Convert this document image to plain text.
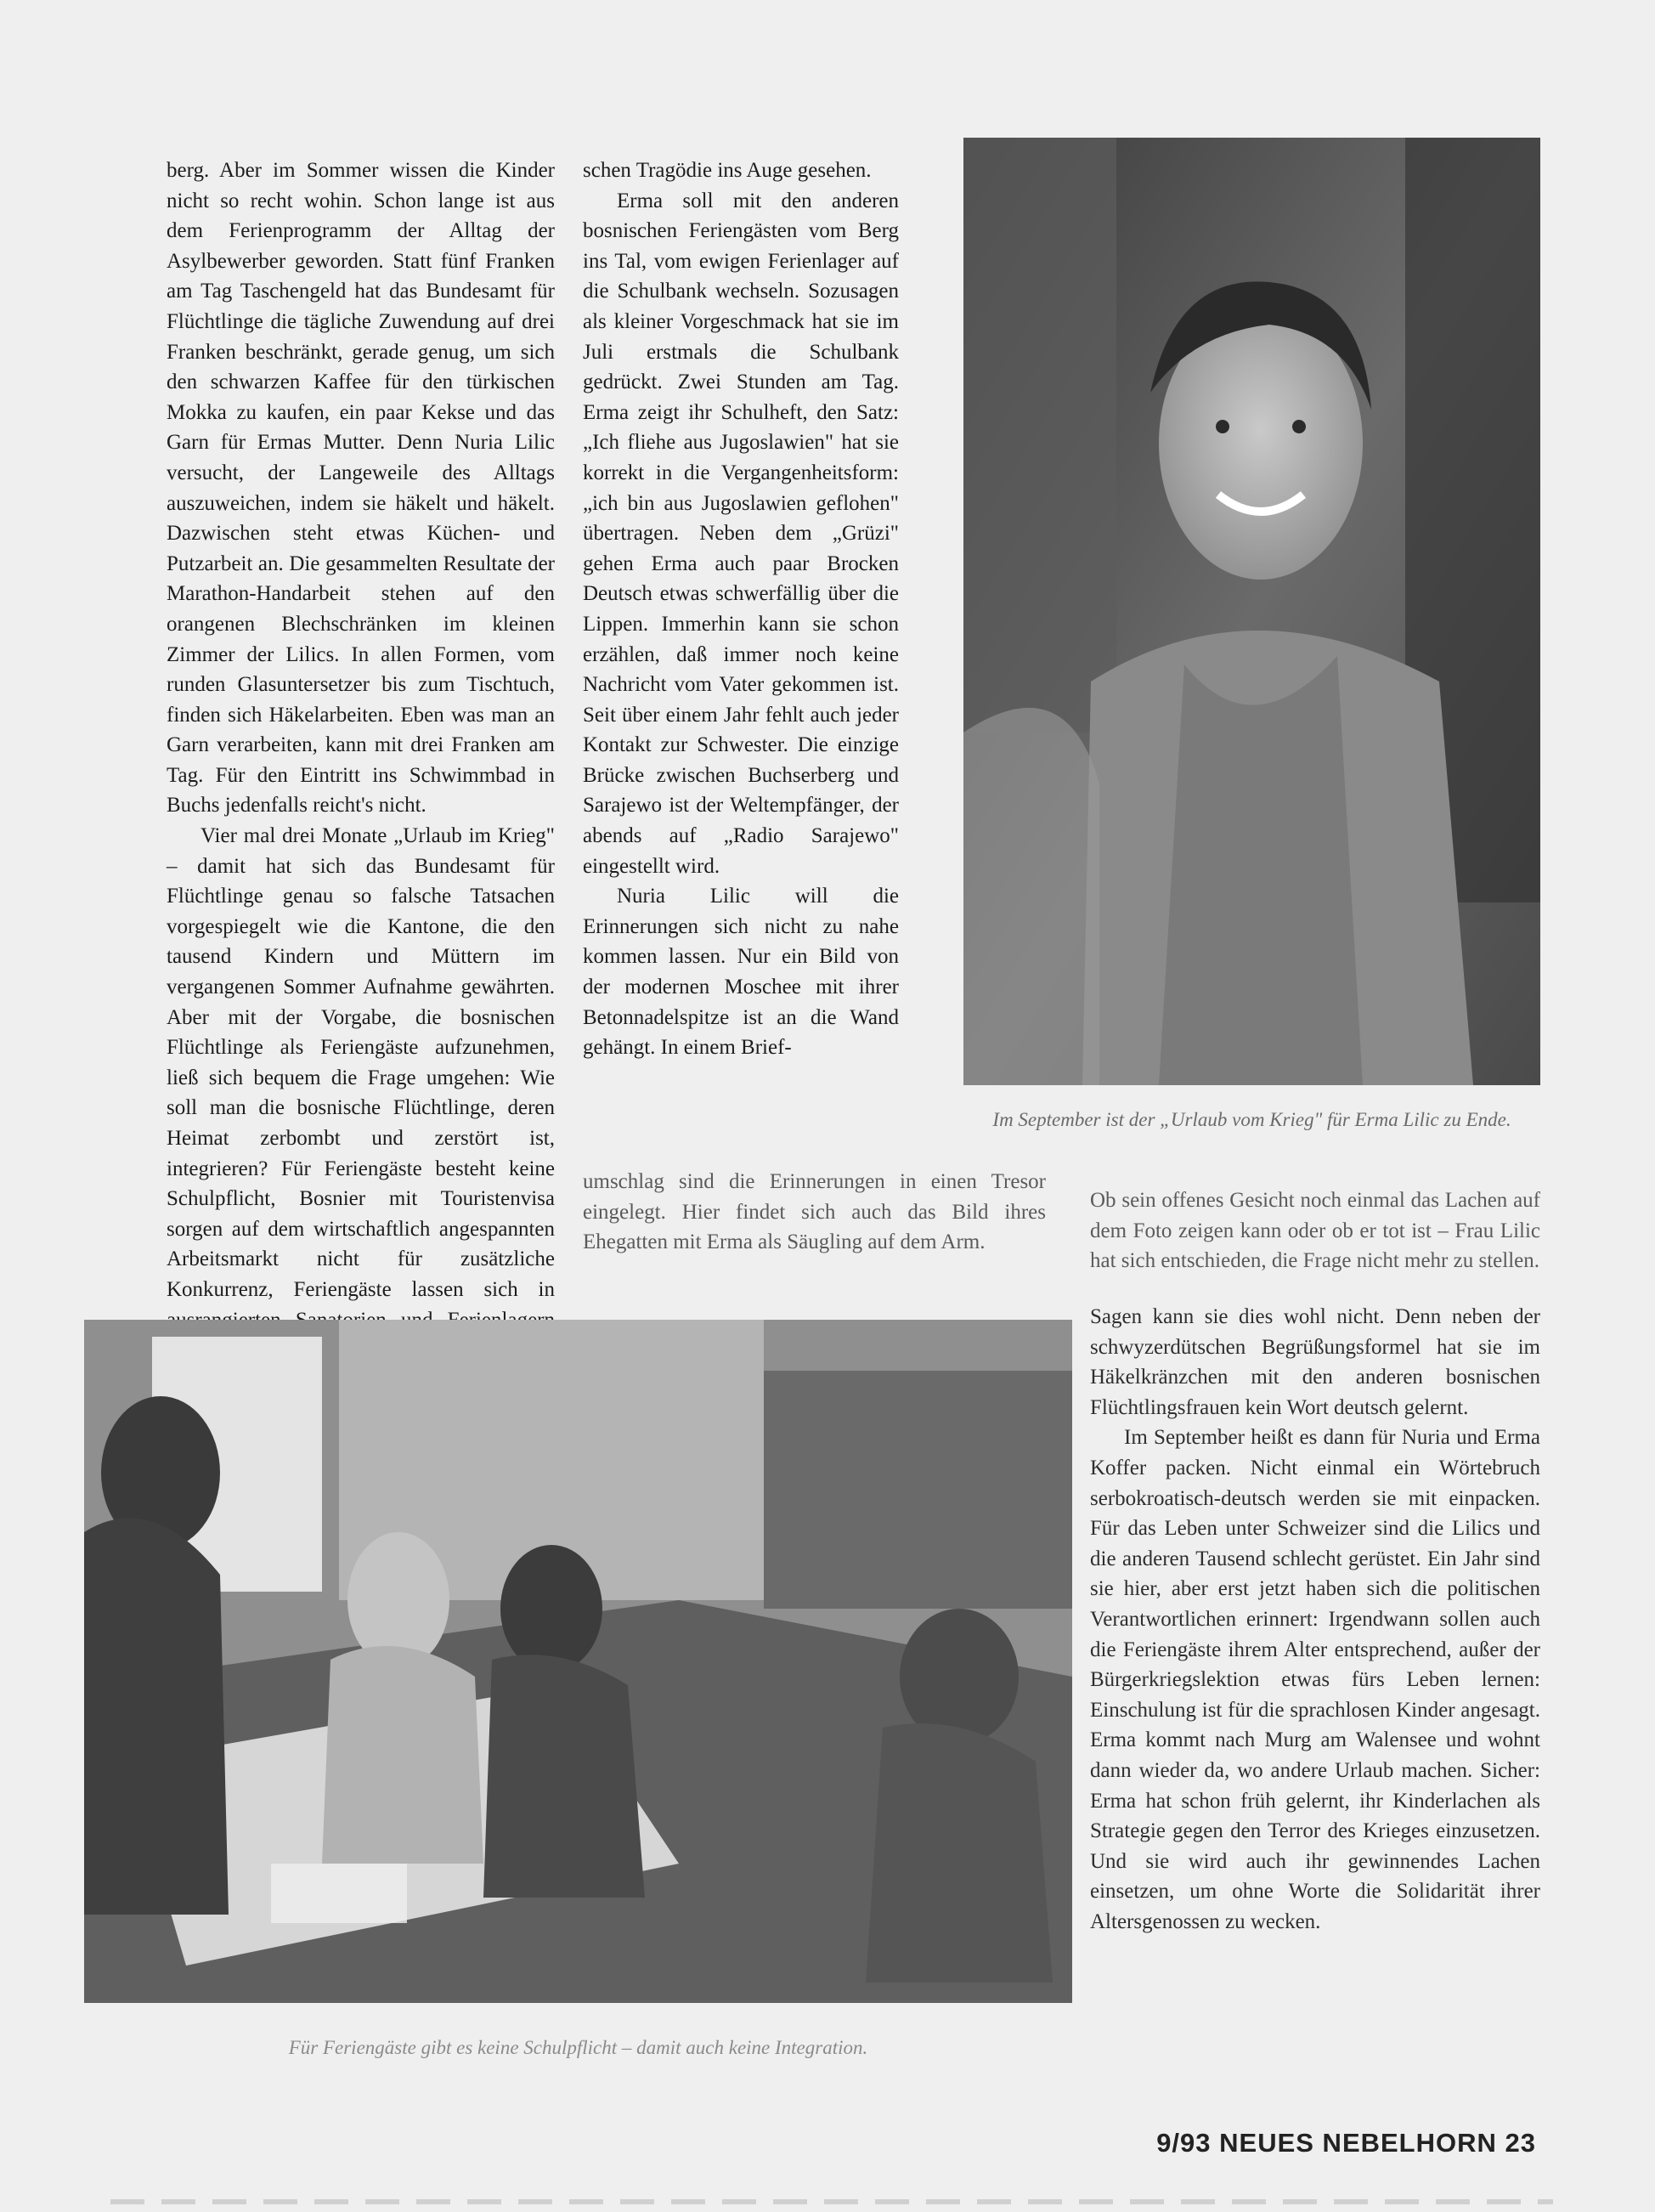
berg. Aber im Sommer wissen die Kinder nicht so recht wohin. Schon lange ist aus dem Ferienprogramm der Alltag der Asylbewerber geworden. Statt fünf Franken am Tag Taschengeld hat das Bundesamt für Flüchtlinge die tägliche Zuwendung auf drei Franken beschränkt, gerade genug, um sich den schwarzen Kaffee für den türkischen Mokka zu kaufen, ein paar Kekse und das Garn für Ermas Mutter. Denn Nuria Lilic versucht, der Langeweile des Alltags auszuweichen, indem sie häkelt und häkelt. Dazwischen steht etwas Küchen- und Putzarbeit an. Die gesammelten Resultate der Marathon-Handarbeit stehen auf den orangenen Blechschränken im kleinen Zimmer der Lilics. In allen Formen, vom runden Glasuntersetzer bis zum Tischtuch, finden sich Häkelarbeiten. Eben was man an Garn verarbeiten, kann mit drei Franken am Tag. Für den Eintritt ins Schwimmbad in Buchs jedenfalls reicht's nicht.

Vier mal drei Monate „Urlaub im Krieg" – damit hat sich das Bundesamt für Flüchtlinge genau so falsche Tatsachen vorgespiegelt wie die Kantone, die den tausend Kindern und Müttern im vergangenen Sommer Aufnahme gewährten. Aber mit der Vorgabe, die bosnischen Flüchtlinge als Feriengäste aufzunehmen, ließ sich bequem die Frage umgehen: Wie soll man die bosnische Flüchtlinge, deren Heimat zerbombt und zerstört ist, integrieren? Für Feriengäste besteht keine Schulpflicht, Bosnier mit Touristenvisa sorgen auf dem wirtschaftlich angespannten Arbeitsmarkt nicht für zusätzliche Konkurrenz, Feriengäste lassen sich in

schen Tragödie ins Auge gesehen.

Erma soll mit den anderen bosnischen Feriengästen vom Berg ins Tal, vom ewigen Ferienlager auf die Schulbank wechseln. Sozusagen als kleiner Vorgeschmack hat sie im Juli erstmals die Schulbank gedrückt. Zwei Stunden am Tag. Erma zeigt ihr Schulheft, den Satz: „Ich fliehe aus Jugoslawien" hat sie korrekt in die Vergangenheitsform: „ich bin aus Jugoslawien geflohen" übertragen. Neben dem „Grüzi" gehen Erma auch paar Brocken Deutsch etwas schwerfällig über die Lippen. Immerhin kann sie schon erzählen, daß immer noch keine Nachricht vom Vater gekommen ist. Seit über einem Jahr fehlt auch jeder Kontakt zur Schwester. Die einzige Brücke zwischen Buchserberg und Sarajewo ist der Weltempfänger, der abends auf „Radio Sarajewo" eingestellt wird.

Nuria Lilic will die Erinnerungen sich nicht zu nahe kommen lassen. Nur ein Bild von der modernen Moschee mit ihrer Betonnadelspitze ist an die Wand gehängt. In einem Brief-

umschlag sind die Erinnerungen in einen Tresor eingelegt. Hier findet sich auch das Bild ihres Ehegatten mit Erma als Säugling auf dem Arm.

Ob sein offenes Gesicht noch einmal das Lachen auf dem Foto zeigen kann oder ob er tot ist – Frau Lilic hat sich entschieden, die Frage nicht mehr zu stellen.

Sagen kann sie dies wohl nicht. Denn neben der schwyzerdütschen Begrüßungsformel hat sie im Häkelkränzchen mit den anderen bosnischen Flüchtlingsfrauen kein Wort deutsch gelernt.

Im September heißt es dann für Nuria und Erma Koffer packen. Nicht einmal ein Wörtebruch serbokroatisch-deutsch werden sie mit einpacken. Für das Leben unter Schweizer sind die Lilics und die anderen Tausend schlecht gerüstet. Ein Jahr sind sie hier, aber erst jetzt haben sich die politischen Verantwortlichen erinnert: Irgendwann sollen auch die Feriengäste ihrem Alter entsprechend, außer der Bürgerkriegslektion etwas fürs Leben lernen: Einschulung ist für die sprachlosen Kinder angesagt. Erma kommt nach Murg am Walensee und wohnt dann wieder da, wo andere Urlaub machen. Sicher: Erma hat schon früh gelernt, ihr Kinderlachen als Strategie gegen den Terror des Krieges einzusetzen. Und sie wird auch ihr gewinnendes Lachen einsetzen, um ohne Worte die Solidarität ihrer Altersgenossen zu wecken.

Im September ist der „Urlaub vom Krieg" für Erma Lilic zu Ende.
Für Feriengäste gibt es keine Schulpflicht – damit auch keine Integration.
9/93 NEUES NEBELHORN 23
